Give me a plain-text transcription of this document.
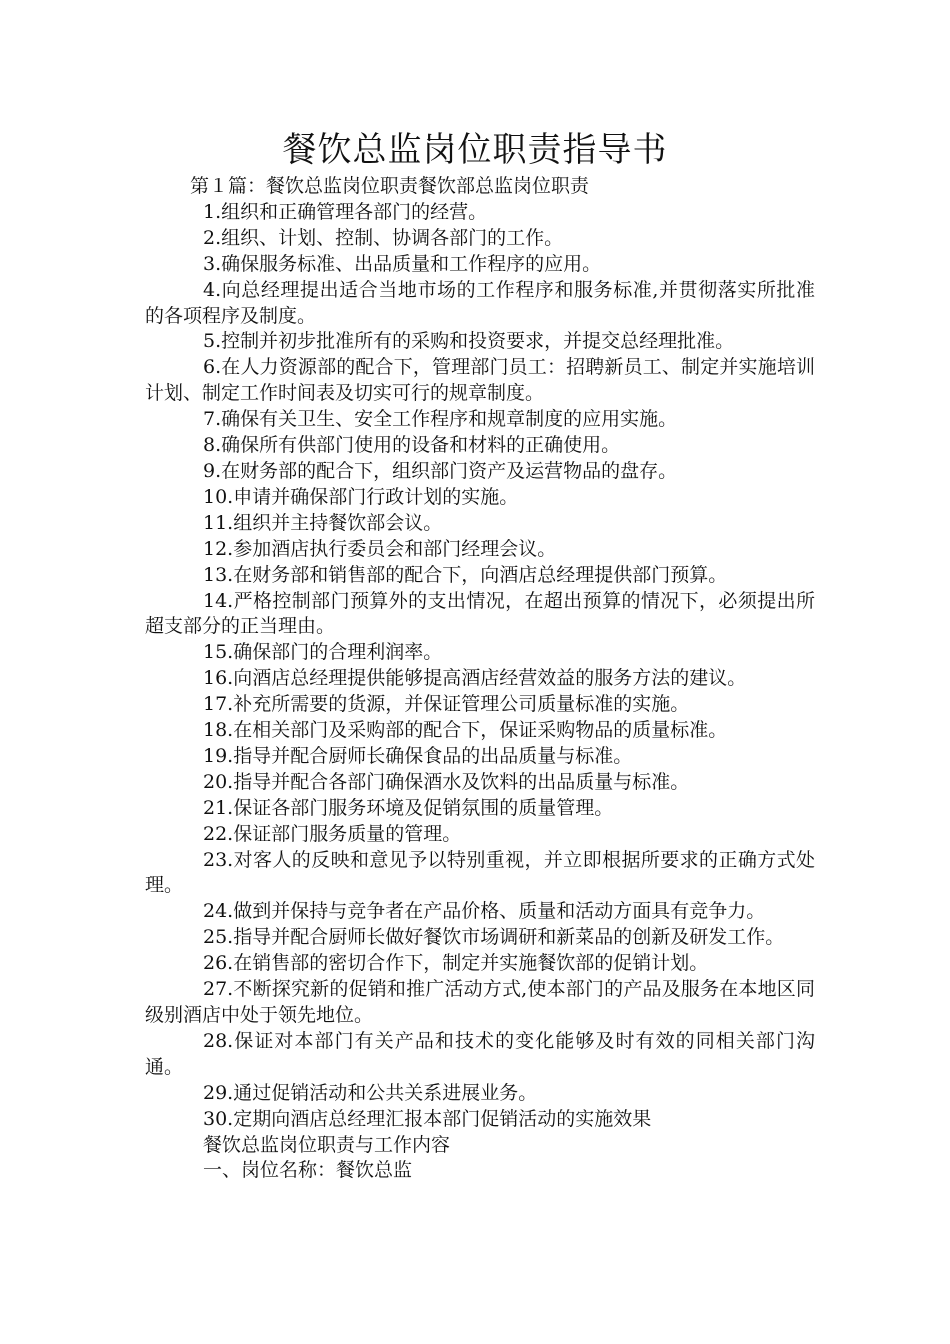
餐饮总监岗位职责指导书

第１篇：餐饮总监岗位职责餐饮部总监岗位职责

1.组织和正确管理各部门的经营。

2.组织、计划、控制、协调各部门的工作。

3.确保服务标准、出品质量和工作程序的应用。

4.向总经理提出适合当地市场的工作程序和服务标准,并贯彻落实所批准的各项程序及制度。

5.控制并初步批准所有的采购和投资要求，并提交总经理批准。

6.在人力资源部的配合下，管理部门员工：招聘新员工、制定并实施培训计划、制定工作时间表及切实可行的规章制度。

7.确保有关卫生、安全工作程序和规章制度的应用实施。

8.确保所有供部门使用的设备和材料的正确使用。

9.在财务部的配合下，组织部门资产及运营物品的盘存。

10.申请并确保部门行政计划的实施。

11.组织并主持餐饮部会议。

12.参加酒店执行委员会和部门经理会议。

13.在财务部和销售部的配合下，向酒店总经理提供部门预算。

14.严格控制部门预算外的支出情况，在超出预算的情况下，必须提出所超支部分的正当理由。

15.确保部门的合理利润率。

16.向酒店总经理提供能够提高酒店经营效益的服务方法的建议。

17.补充所需要的货源，并保证管理公司质量标准的实施。

18.在相关部门及采购部的配合下，保证采购物品的质量标准。

19.指导并配合厨师长确保食品的出品质量与标准。

20.指导并配合各部门确保酒水及饮料的出品质量与标准。

21.保证各部门服务环境及促销氛围的质量管理。

22.保证部门服务质量的管理。

23.对客人的反映和意见予以特别重视，并立即根据所要求的正确方式处理。

24.做到并保持与竞争者在产品价格、质量和活动方面具有竞争力。

25.指导并配合厨师长做好餐饮市场调研和新菜品的创新及研发工作。

26.在销售部的密切合作下，制定并实施餐饮部的促销计划。

27.不断探究新的促销和推广活动方式,使本部门的产品及服务在本地区同级别酒店中处于领先地位。

28.保证对本部门有关产品和技术的变化能够及时有效的同相关部门沟通。

29.通过促销活动和公共关系进展业务。

30.定期向酒店总经理汇报本部门促销活动的实施效果

餐饮总监岗位职责与工作内容

一、岗位名称：餐饮总监
